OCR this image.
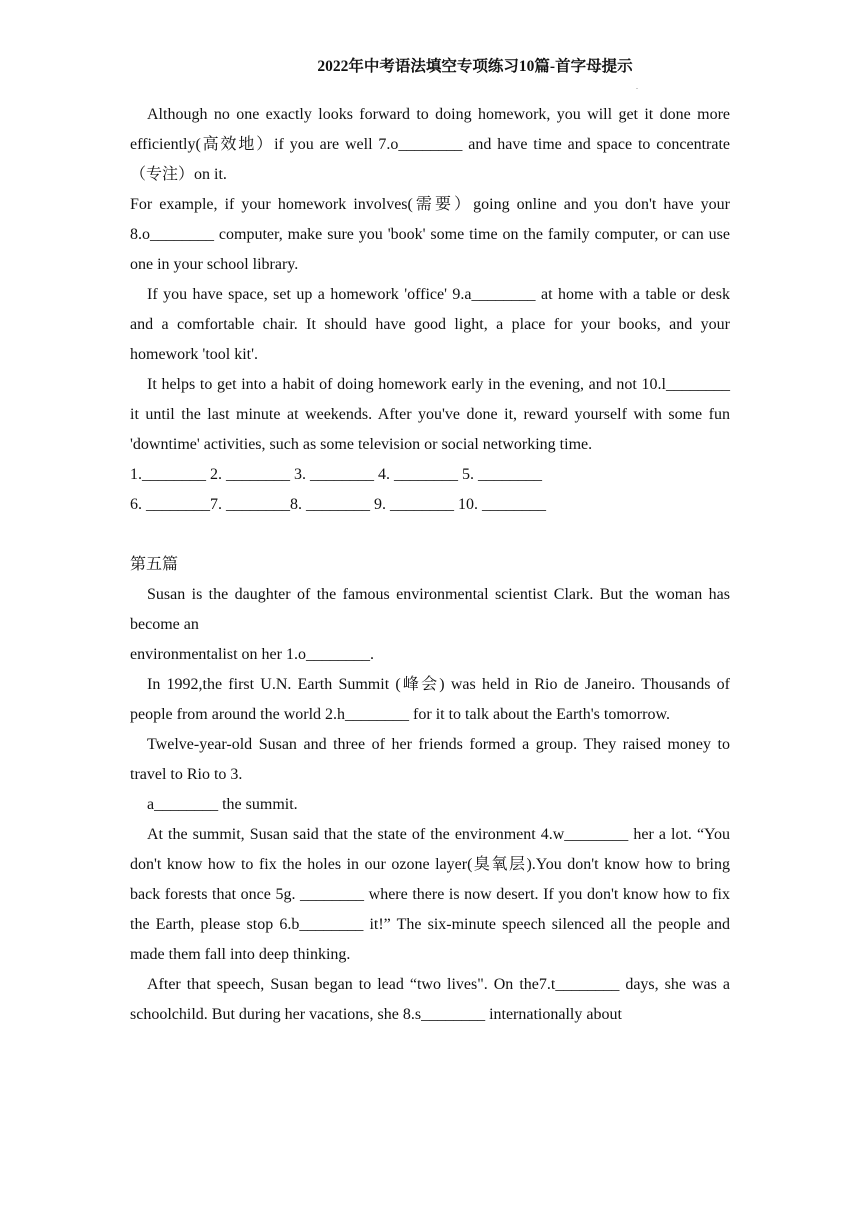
2022年中考语法填空专项练习10篇-首字母提示
.

Although no one exactly looks forward to doing homework, you will get it done more efficiently(高效地）if you are well 7.o________ and have time and space to concentrate（专注）on it.

For example, if your homework involves(需要）going online and you don't have your 8.o________ computer, make sure you 'book' some time on the family computer, or can use one in your school library.

If you have space, set up a homework 'office' 9.a________ at home with a table or desk and a comfortable chair. It should have good light, a place for your books, and your homework 'tool kit'.

It helps to get into a habit of doing homework early in the evening, and not 10.l________ it until the last minute at weekends. After you've done it, reward yourself with some fun 'downtime' activities, such as some television or social networking time.

1.________ 2. ________ 3. ________ 4. ________ 5. ________

6. ________7. ________8. ________ 9. ________ 10. ________

第五篇

Susan is the daughter of the famous environmental scientist Clark. But the woman has become an

environmentalist on her 1.o________.

In 1992,the first U.N. Earth Summit (峰会) was held in Rio de Janeiro. Thousands of people from around the world 2.h________ for it to talk about the Earth's tomorrow.

Twelve-year-old Susan and three of her friends formed a group. They raised money to travel to Rio to 3.

a________ the summit.

At the summit, Susan said that the state of the environment 4.w________ her a lot. “You don't know how to fix the holes in our ozone layer(臭氧层).You don't know how to bring back forests that once 5g. ________ where there is now desert. If you don't know how to fix the Earth, please stop 6.b________ it!” The six-minute speech silenced all the people and made them fall into deep thinking.

After that speech, Susan began to lead “two lives". On the7.t________ days, she was a schoolchild. But during her vacations, she 8.s________ internationally about
